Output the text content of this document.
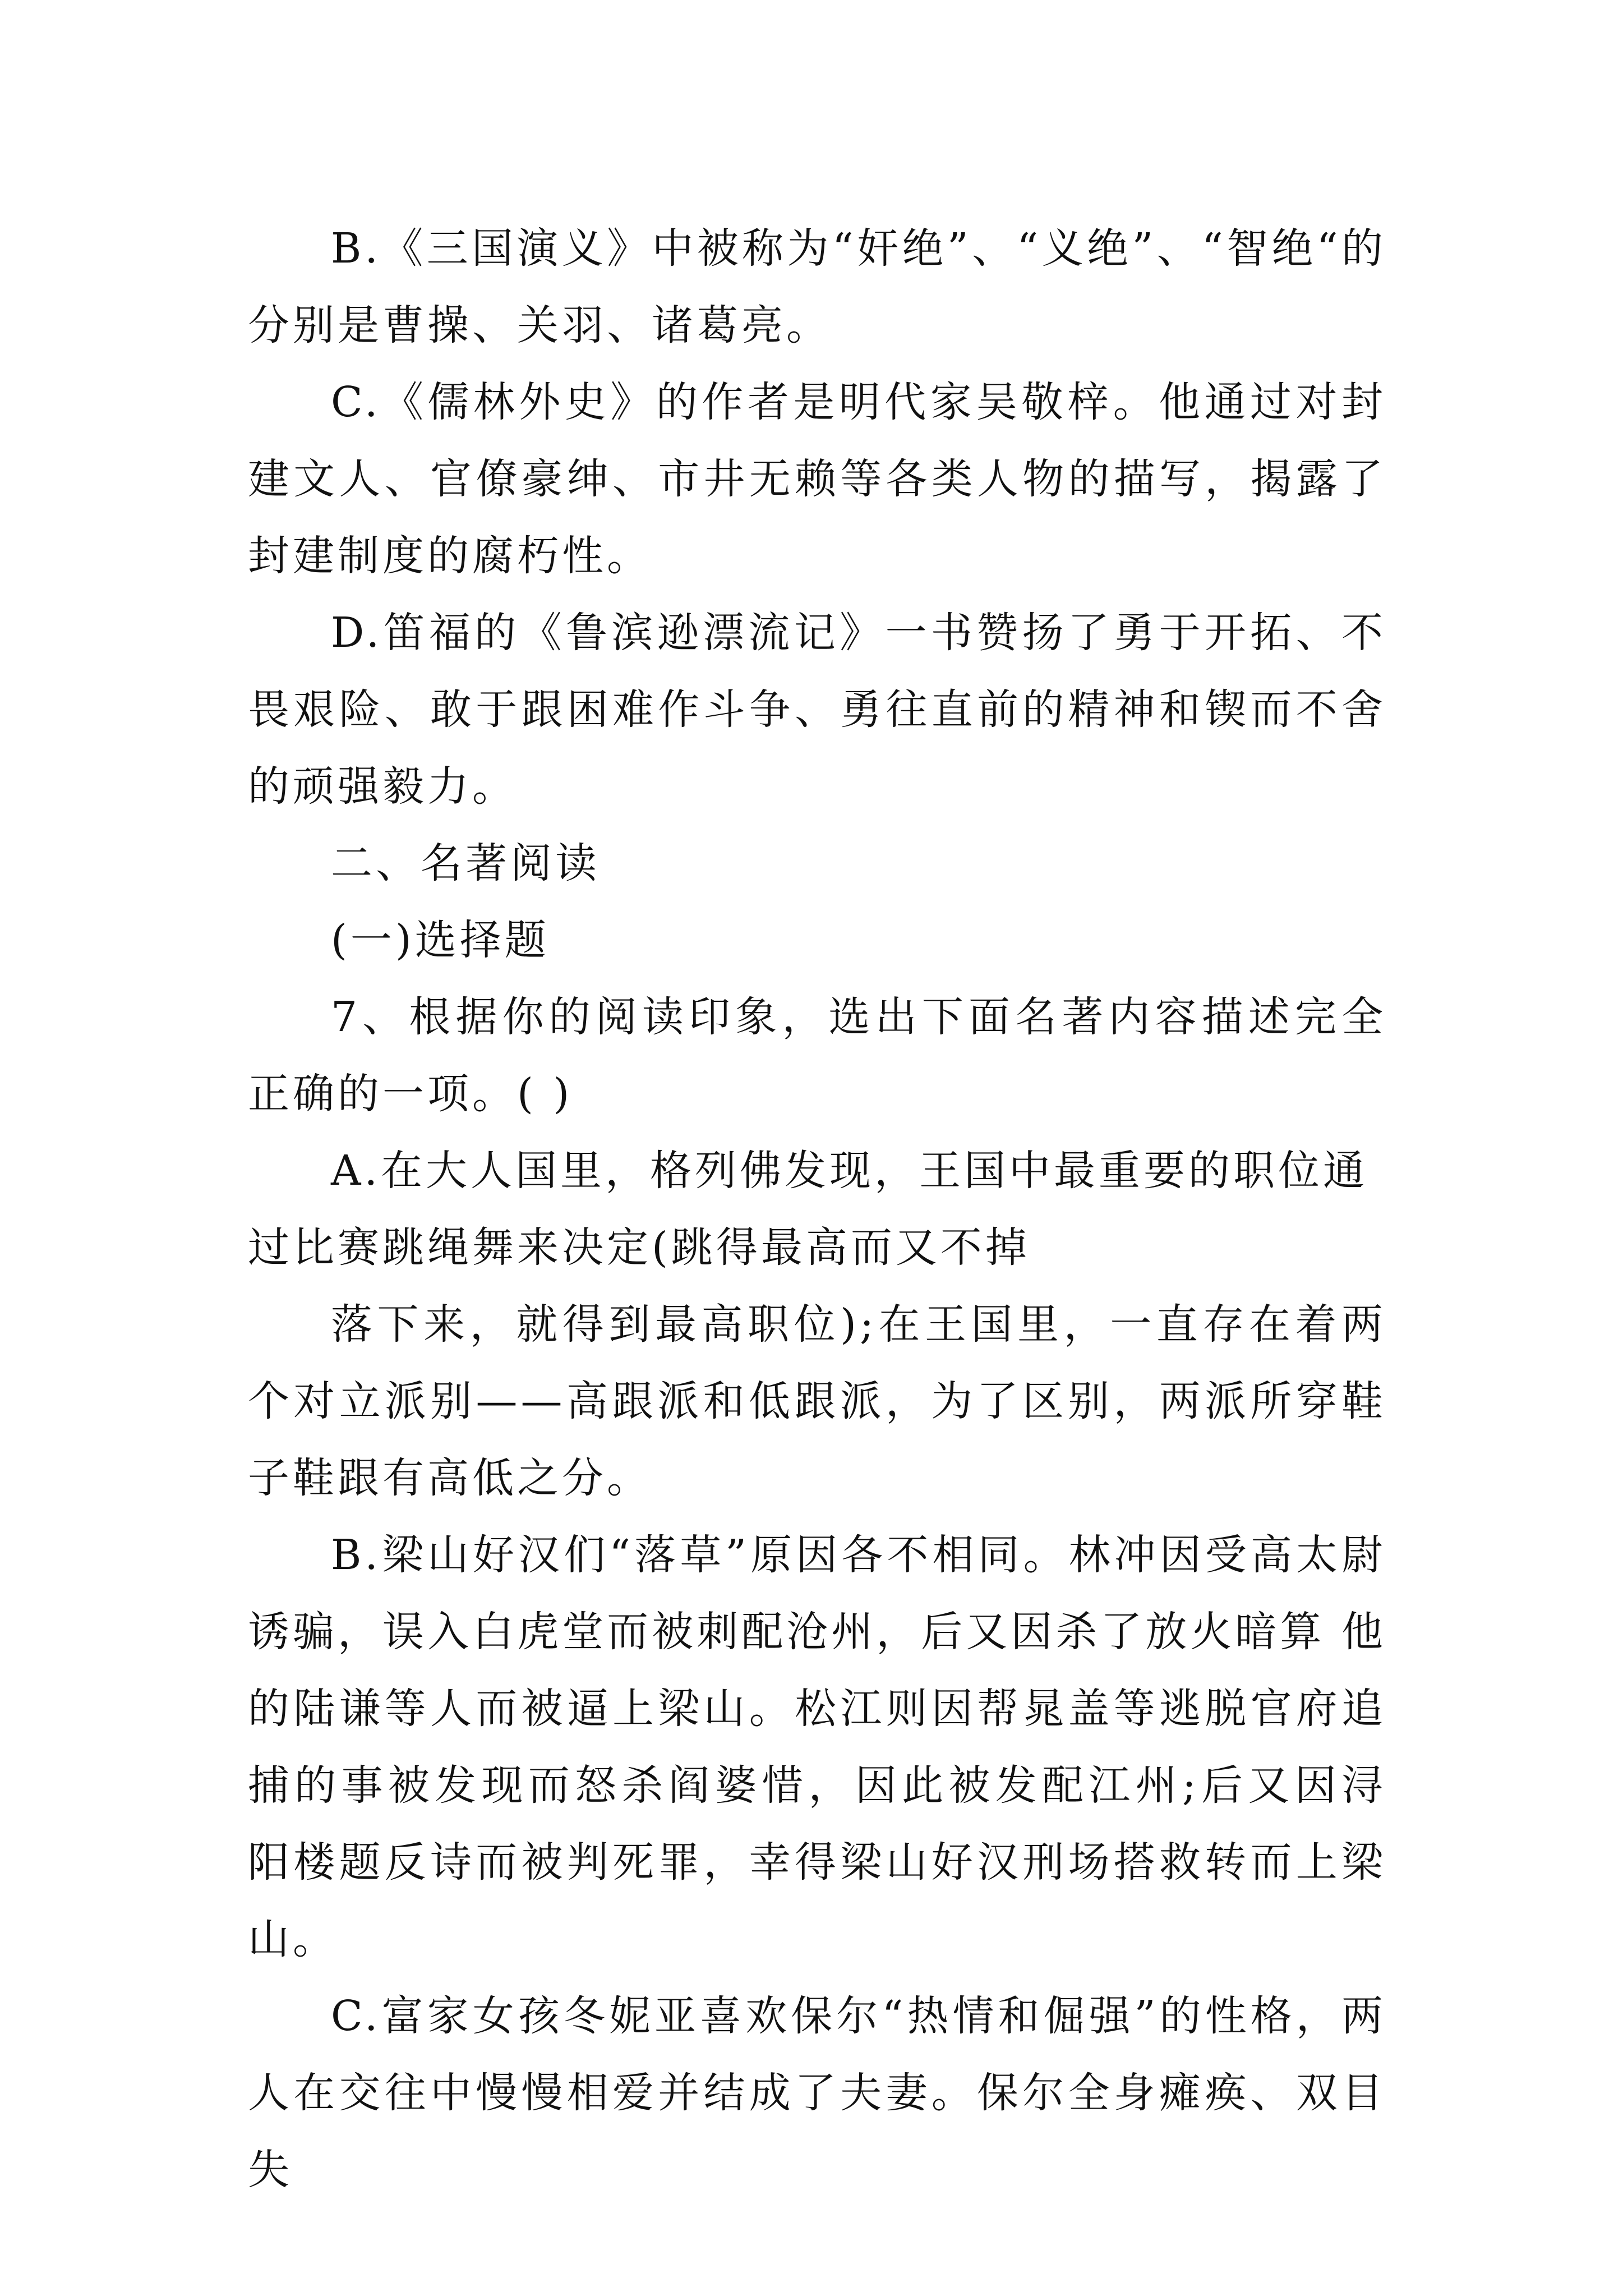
B.《三国演义》中被称为“奸绝”、“义绝”、“智绝“的分别是曹操、关羽、诸葛亮。

C.《儒林外史》的作者是明代家吴敬梓。他通过对封建文人、官僚豪绅、市井无赖等各类人物的描写，揭露了封建制度的腐朽性。

D.笛福的《鲁滨逊漂流记》一书赞扬了勇于开拓、不畏艰险、敢于跟困难作斗争、勇往直前的精神和锲而不舍的顽强毅力。

二、名著阅读

(一)选择题

7、根据你的阅读印象，选出下面名著内容描述完全正确的一项。( )

A.在大人国里，格列佛发现，王国中最重要的职位通过比赛跳绳舞来决定(跳得最高而又不掉

落下来，就得到最高职位);在王国里，一直存在着两个对立派别——高跟派和低跟派，为了区别，两派所穿鞋子鞋跟有高低之分。

B.梁山好汉们“落草”原因各不相同。林冲因受高太尉诱骗，误入白虎堂而被刺配沧州，后又因杀了放火暗算 他的陆谦等人而被逼上梁山。松江则因帮晁盖等逃脱官府追捕的事被发现而怒杀阎婆惜，因此被发配江州;后又因浔阳楼题反诗而被判死罪，幸得梁山好汉刑场搭救转而上梁山。

C.富家女孩冬妮亚喜欢保尔“热情和倔强”的性格，两人在交往中慢慢相爱并结成了夫妻。保尔全身瘫痪、双目失
